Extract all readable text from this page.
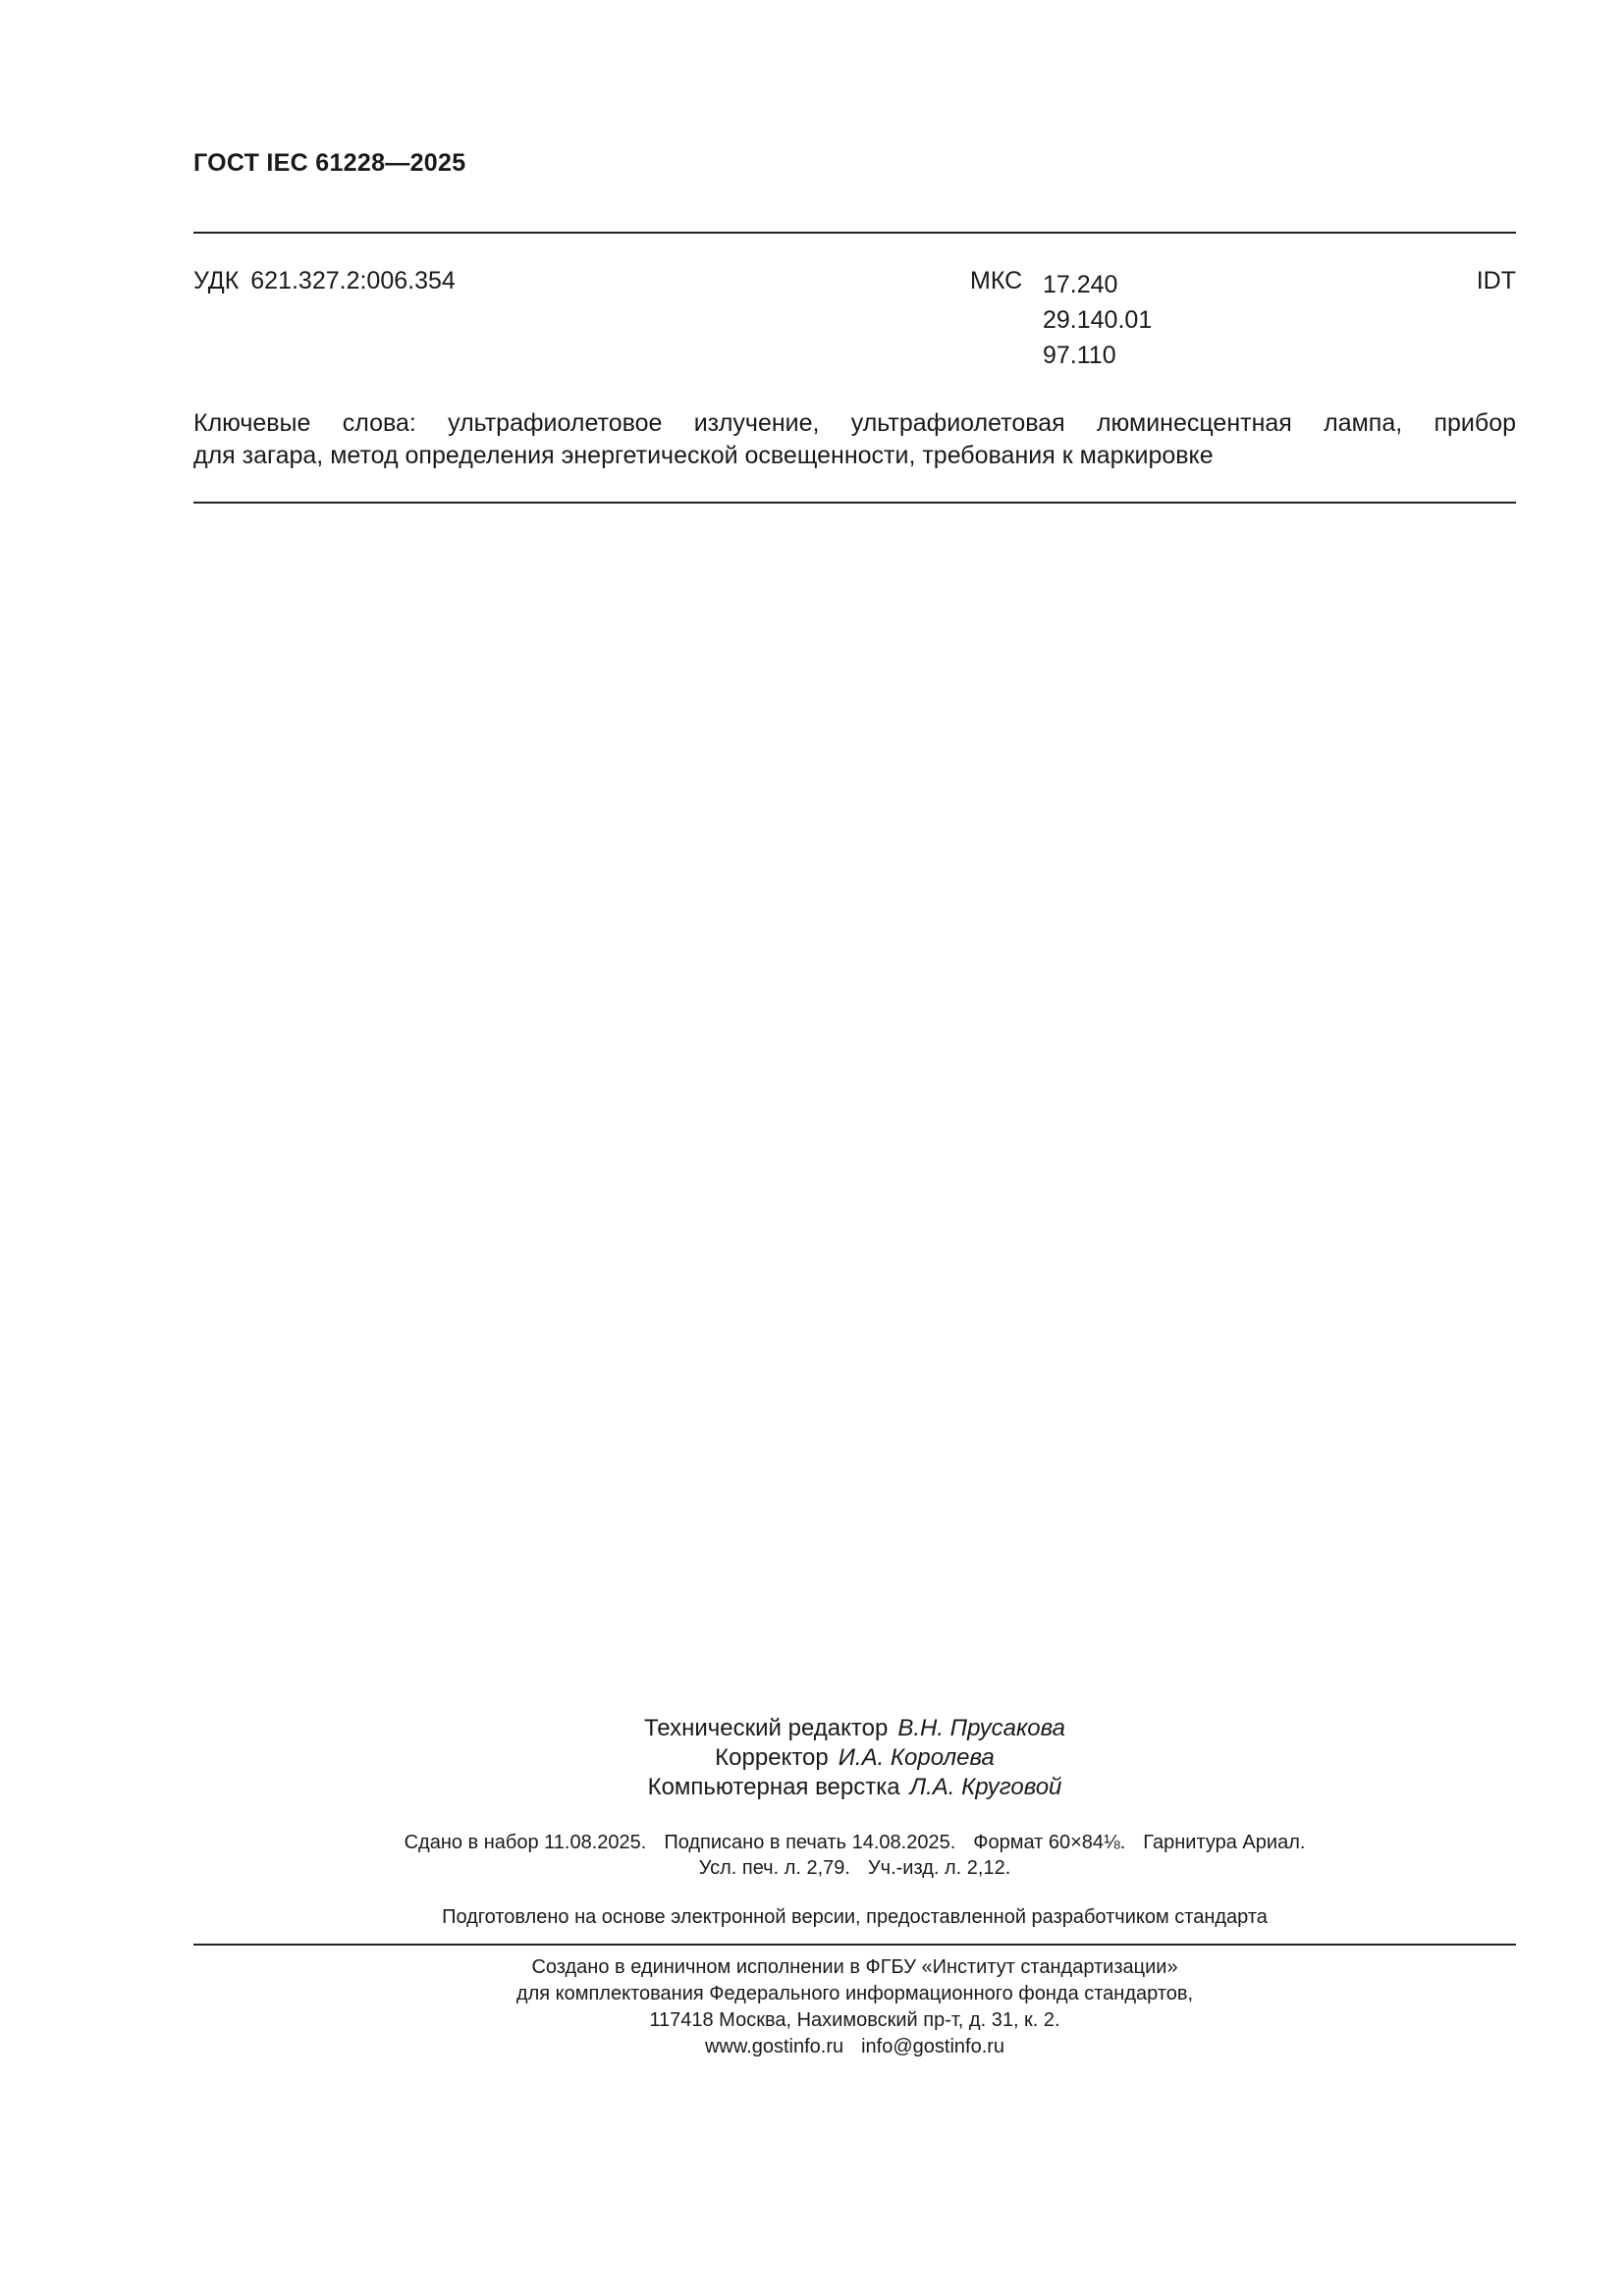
ГОСТ IEC 61228—2025
УДК 621.327.2:006.354	МКС 17.240
29.140.01
97.110
IDT
Ключевые слова: ультрафиолетовое излучение, ультрафиолетовая люминесцентная лампа, прибор
для загара, метод определения энергетической освещенности, требования к маркировке
Технический редактор В.Н. Прусакова
Корректор И.А. Королева
Компьютерная верстка Л.А. Круговой
Сдано в набор 11.08.2025. Подписано в печать 14.08.2025. Формат 60×84⅛. Гарнитура Ариал.
Усл. печ. л. 2,79. Уч.-изд. л. 2,12.
Подготовлено на основе электронной версии, предоставленной разработчиком стандарта
Создано в единичном исполнении в ФГБУ «Институт стандартизации»
для комплектования Федерального информационного фонда стандартов,
117418 Москва, Нахимовский пр-т, д. 31, к. 2.
www.gostinfo.ru info@gostinfo.ru
